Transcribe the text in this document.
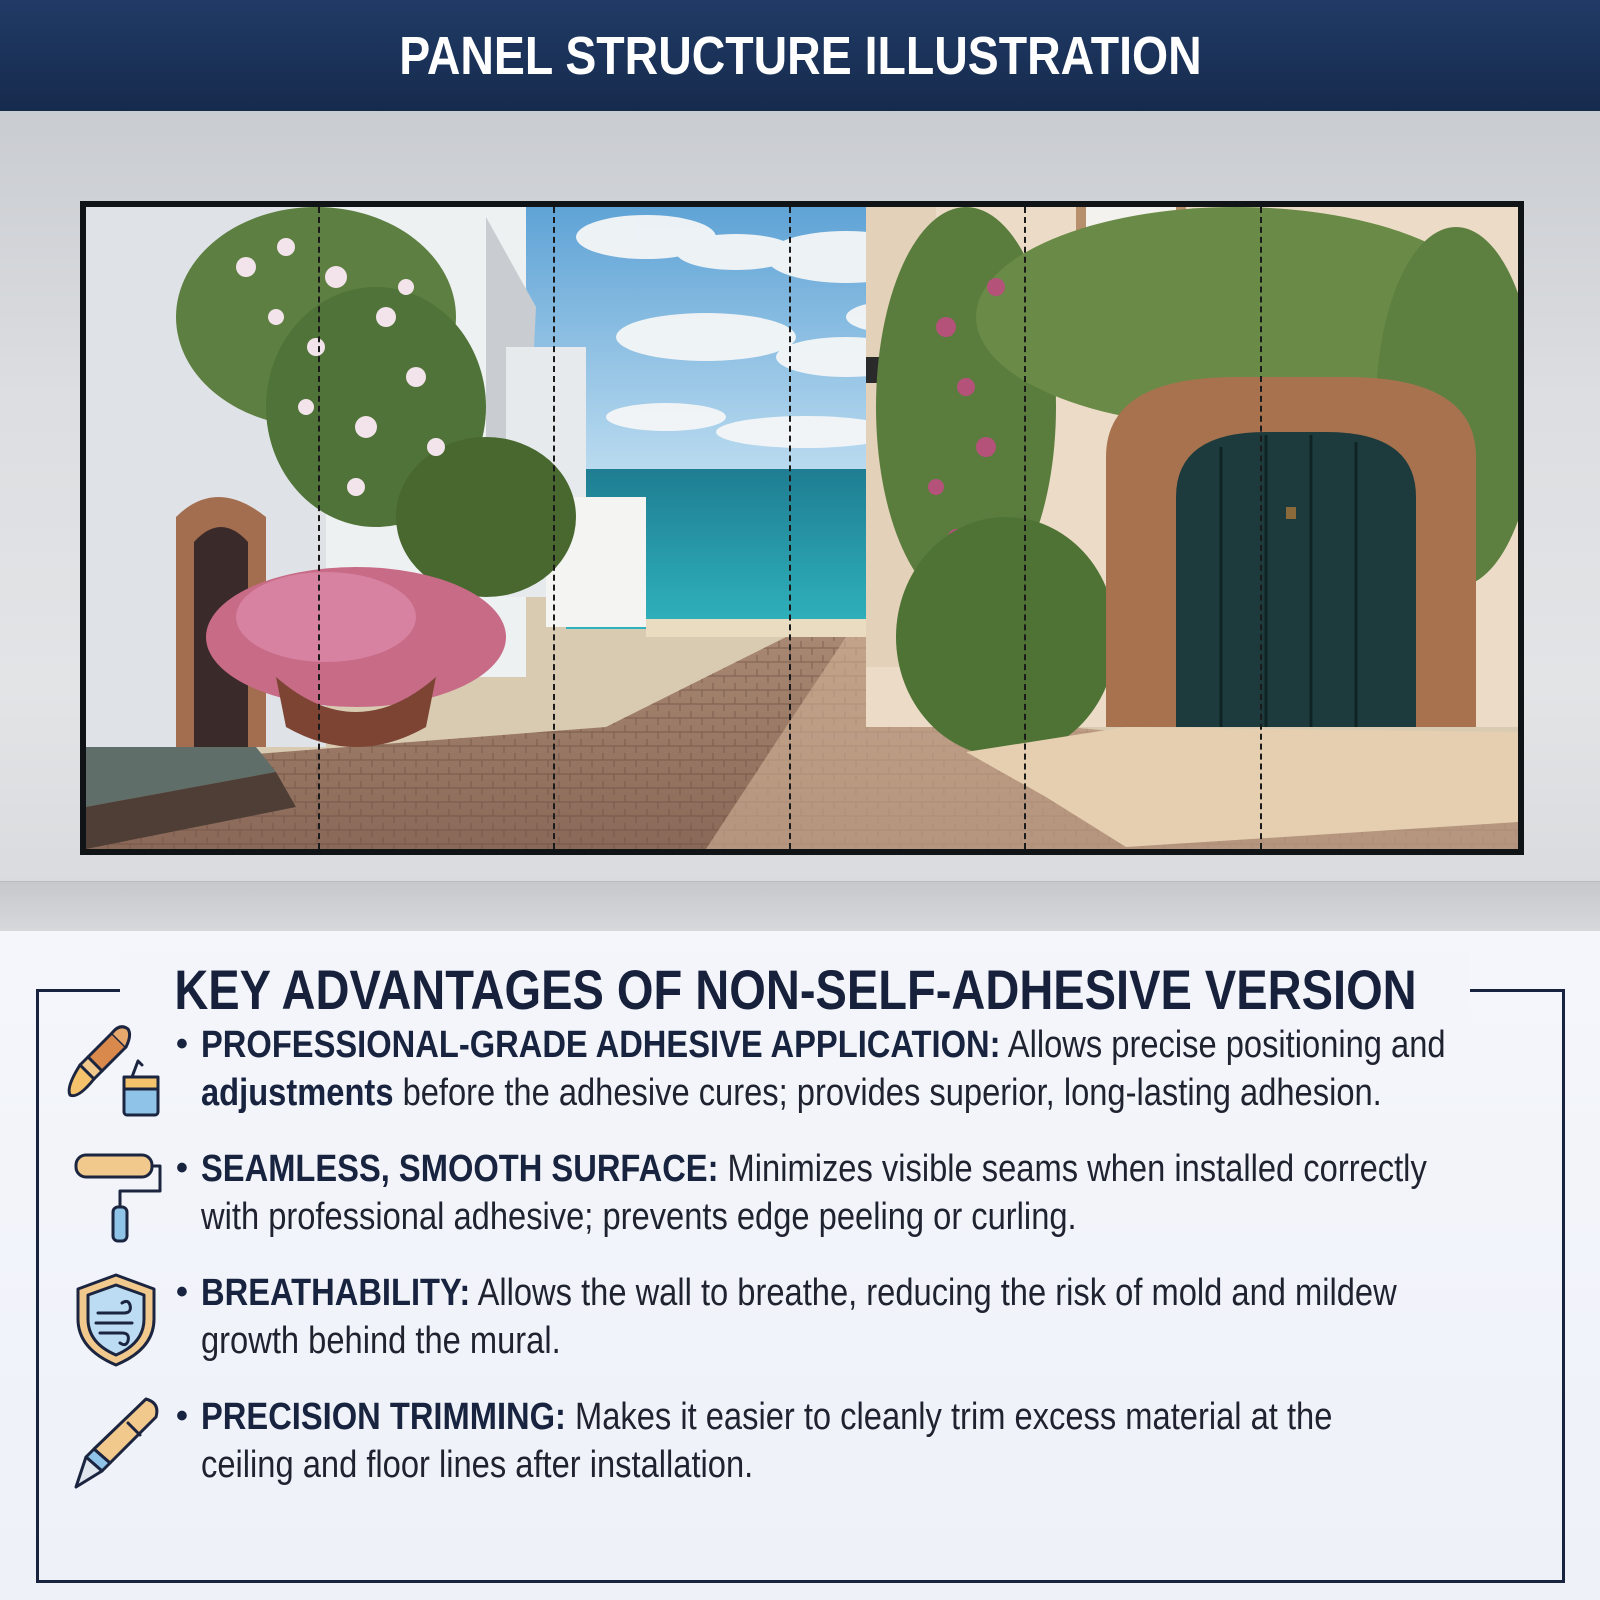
PANEL STRUCTURE ILLUSTRATION
KEY ADVANTAGES OF NON-SELF-ADHESIVE VERSION
• PROFESSIONAL-GRADE ADHESIVE APPLICATION: Allows precise positioning and
adjustments before the adhesive cures; provides superior, long-lasting adhesion.
• SEAMLESS, SMOOTH SURFACE: Minimizes visible seams when installed correctly
with professional adhesive; prevents edge peeling or curling.
• BREATHABILITY: Allows the wall to breathe, reducing the risk of mold and mildew
growth behind the mural.
• PRECISION TRIMMING: Makes it easier to cleanly trim excess material at the
ceiling and floor lines after installation.
